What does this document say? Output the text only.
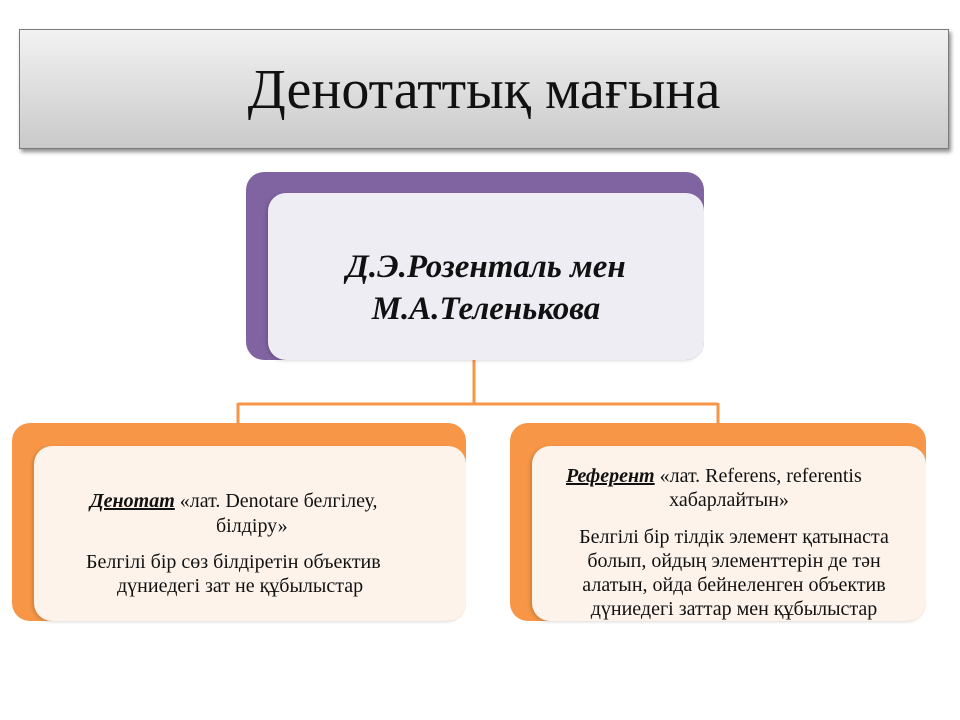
Денотаттық мағына
Д.Э.Розенталь мен
М.А.Теленькова
Денотат «лат. Denotare белгілеу,
білдіру»
Белгілі бір сөз білдіретін объектив
дүниедегі зат не құбылыстар
Референт «лат. Referens, referentis
хабарлайтын»
Белгілі бір тілдік элемент қатынаста
болып, ойдың элементтерін де тән
алатын, ойда бейнеленген объектив
дүниедегі заттар мен құбылыстар
